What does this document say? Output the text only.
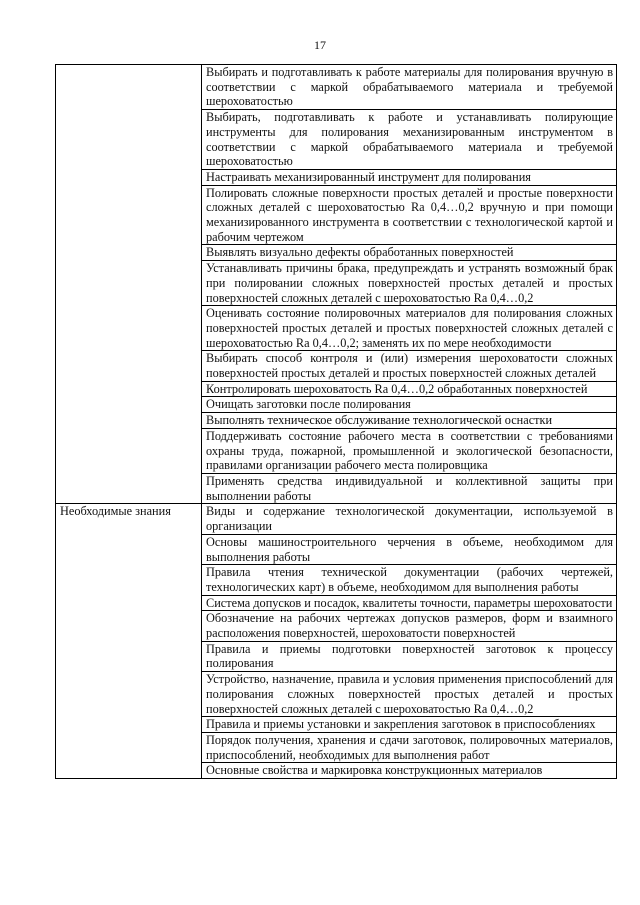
17
	Выбирать и подготавливать к работе материалы для полирования вручную в соответствии с маркой обрабатываемого материала и требуемой шероховатостью
	Выбирать, подготавливать к работе и устанавливать полирующие инструменты для полирования механизированным инструментом в соответствии с маркой обрабатываемого материала и требуемой шероховатостью
	Настраивать механизированный инструмент для полирования
	Полировать сложные поверхности простых деталей и простые поверхности сложных деталей с шероховатостью Ra 0,4…0,2 вручную и при помощи механизированного инструмента в соответствии с технологической картой и рабочим чертежом
	Выявлять визуально дефекты обработанных поверхностей
	Устанавливать причины брака, предупреждать и устранять возможный брак при полировании сложных поверхностей простых деталей и простых поверхностей сложных деталей с шероховатостью Ra 0,4…0,2
	Оценивать состояние полировочных материалов для полирования сложных поверхностей простых деталей и простых поверхностей сложных деталей с шероховатостью Ra 0,4…0,2; заменять их по мере необходимости
	Выбирать способ контроля и (или) измерения шероховатости сложных поверхностей простых деталей и простых поверхностей сложных деталей
	Контролировать шероховатость Ra 0,4…0,2 обработанных поверхностей
	Очищать заготовки после полирования
	Выполнять техническое обслуживание технологической оснастки
	Поддерживать состояние рабочего места в соответствии с требованиями охраны труда, пожарной, промышленной и экологической безопасности, правилами организации рабочего места полировщика
	Применять средства индивидуальной и коллективной защиты при выполнении работы
Необходимые знания	Виды и содержание технологической документации, используемой в организации
	Основы машиностроительного черчения в объеме, необходимом для выполнения работы
	Правила чтения технической документации (рабочих чертежей, технологических карт) в объеме, необходимом для выполнения работы
	Система допусков и посадок, квалитеты точности, параметры шероховатости
	Обозначение на рабочих чертежах допусков размеров, форм и взаимного расположения поверхностей, шероховатости поверхностей
	Правила и приемы подготовки поверхностей заготовок к процессу полирования
	Устройство, назначение, правила и условия применения приспособлений для полирования сложных поверхностей простых деталей и простых поверхностей сложных деталей с шероховатостью Ra 0,4…0,2
	Правила и приемы установки и закрепления заготовок в приспособлениях
	Порядок получения, хранения и сдачи заготовок, полировочных материалов, приспособлений, необходимых для выполнения работ
	Основные свойства и маркировка конструкционных материалов
